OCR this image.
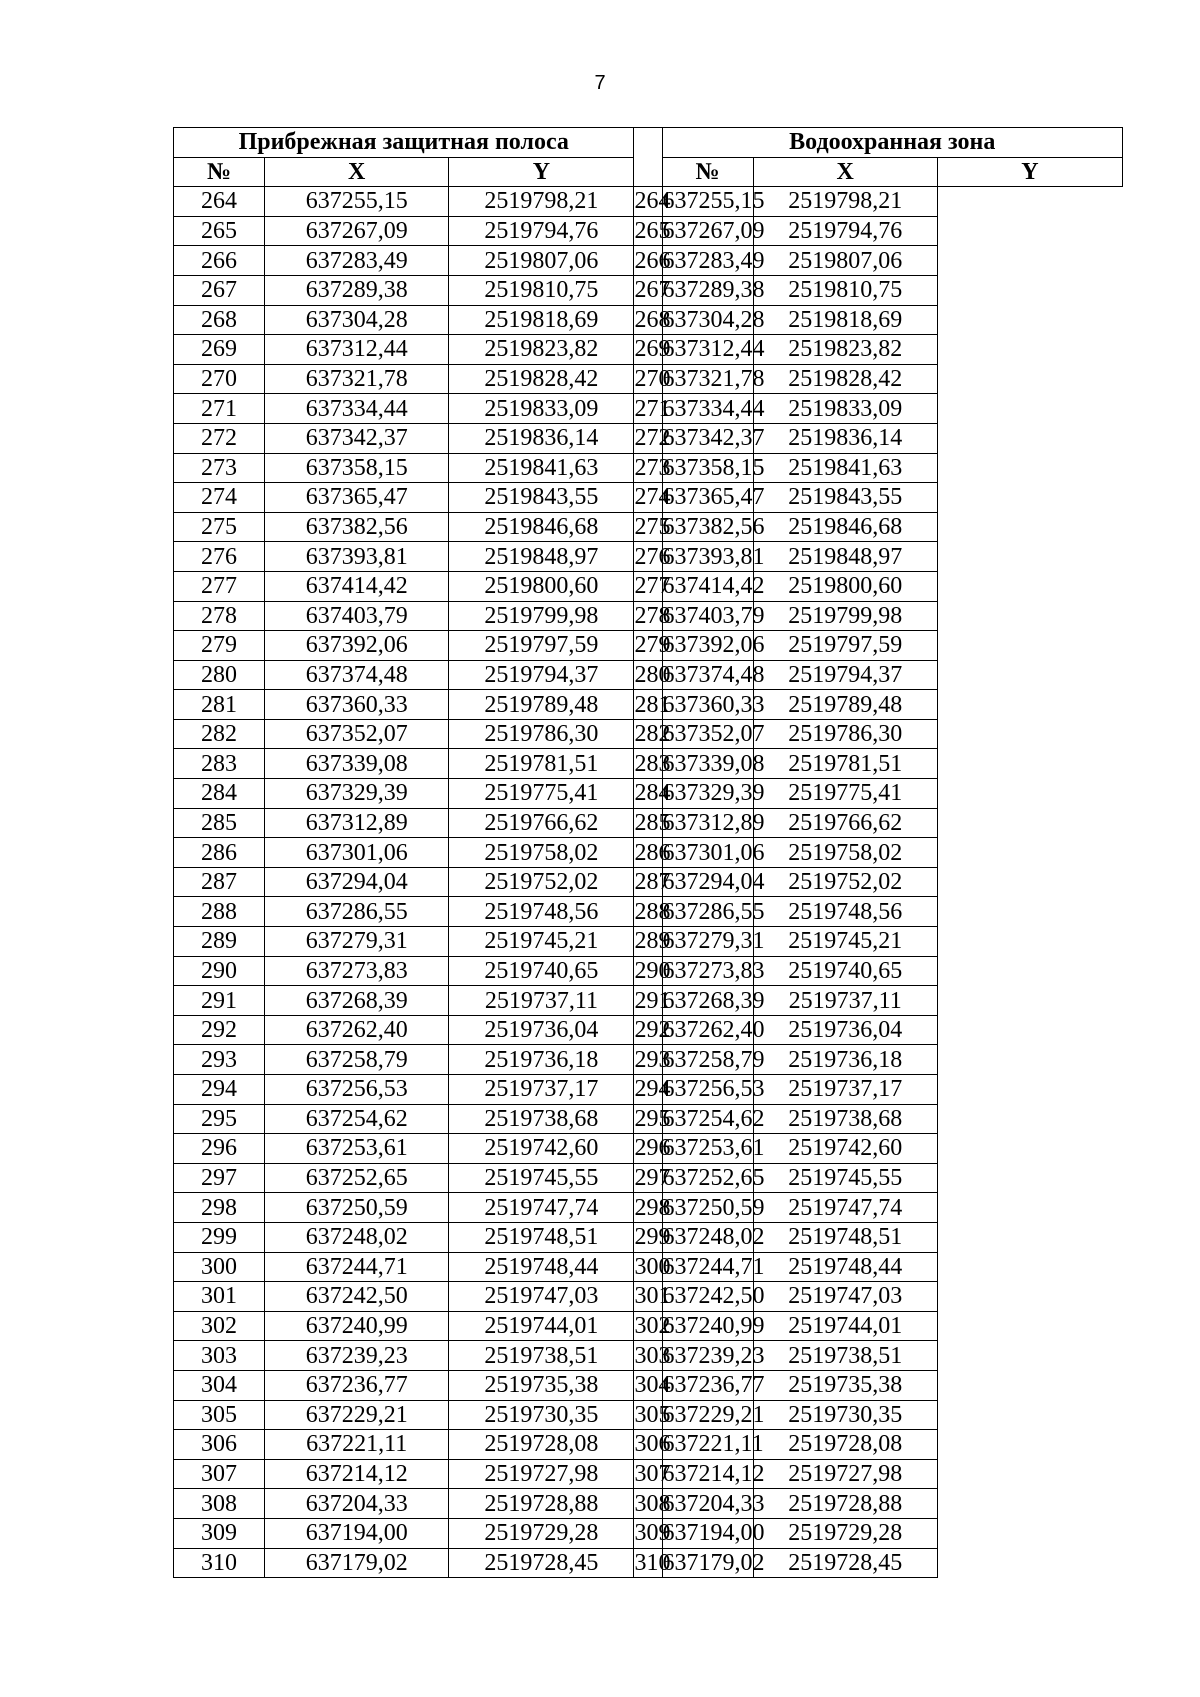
7
Прибрежная защитная полоса				Водоохранная зона		
№	X	Y		№	X	Y
264	637255,15	2519798,21	264	637255,15	2519798,21	
265	637267,09	2519794,76	265	637267,09	2519794,76	
266	637283,49	2519807,06	266	637283,49	2519807,06	
267	637289,38	2519810,75	267	637289,38	2519810,75	
268	637304,28	2519818,69	268	637304,28	2519818,69	
269	637312,44	2519823,82	269	637312,44	2519823,82	
270	637321,78	2519828,42	270	637321,78	2519828,42	
271	637334,44	2519833,09	271	637334,44	2519833,09	
272	637342,37	2519836,14	272	637342,37	2519836,14	
273	637358,15	2519841,63	273	637358,15	2519841,63	
274	637365,47	2519843,55	274	637365,47	2519843,55	
275	637382,56	2519846,68	275	637382,56	2519846,68	
276	637393,81	2519848,97	276	637393,81	2519848,97	
277	637414,42	2519800,60	277	637414,42	2519800,60	
278	637403,79	2519799,98	278	637403,79	2519799,98	
279	637392,06	2519797,59	279	637392,06	2519797,59	
280	637374,48	2519794,37	280	637374,48	2519794,37	
281	637360,33	2519789,48	281	637360,33	2519789,48	
282	637352,07	2519786,30	282	637352,07	2519786,30	
283	637339,08	2519781,51	283	637339,08	2519781,51	
284	637329,39	2519775,41	284	637329,39	2519775,41	
285	637312,89	2519766,62	285	637312,89	2519766,62	
286	637301,06	2519758,02	286	637301,06	2519758,02	
287	637294,04	2519752,02	287	637294,04	2519752,02	
288	637286,55	2519748,56	288	637286,55	2519748,56	
289	637279,31	2519745,21	289	637279,31	2519745,21	
290	637273,83	2519740,65	290	637273,83	2519740,65	
291	637268,39	2519737,11	291	637268,39	2519737,11	
292	637262,40	2519736,04	292	637262,40	2519736,04	
293	637258,79	2519736,18	293	637258,79	2519736,18	
294	637256,53	2519737,17	294	637256,53	2519737,17	
295	637254,62	2519738,68	295	637254,62	2519738,68	
296	637253,61	2519742,60	296	637253,61	2519742,60	
297	637252,65	2519745,55	297	637252,65	2519745,55	
298	637250,59	2519747,74	298	637250,59	2519747,74	
299	637248,02	2519748,51	299	637248,02	2519748,51	
300	637244,71	2519748,44	300	637244,71	2519748,44	
301	637242,50	2519747,03	301	637242,50	2519747,03	
302	637240,99	2519744,01	302	637240,99	2519744,01	
303	637239,23	2519738,51	303	637239,23	2519738,51	
304	637236,77	2519735,38	304	637236,77	2519735,38	
305	637229,21	2519730,35	305	637229,21	2519730,35	
306	637221,11	2519728,08	306	637221,11	2519728,08	
307	637214,12	2519727,98	307	637214,12	2519727,98	
308	637204,33	2519728,88	308	637204,33	2519728,88	
309	637194,00	2519729,28	309	637194,00	2519729,28	
310	637179,02	2519728,45	310	637179,02	2519728,45	
